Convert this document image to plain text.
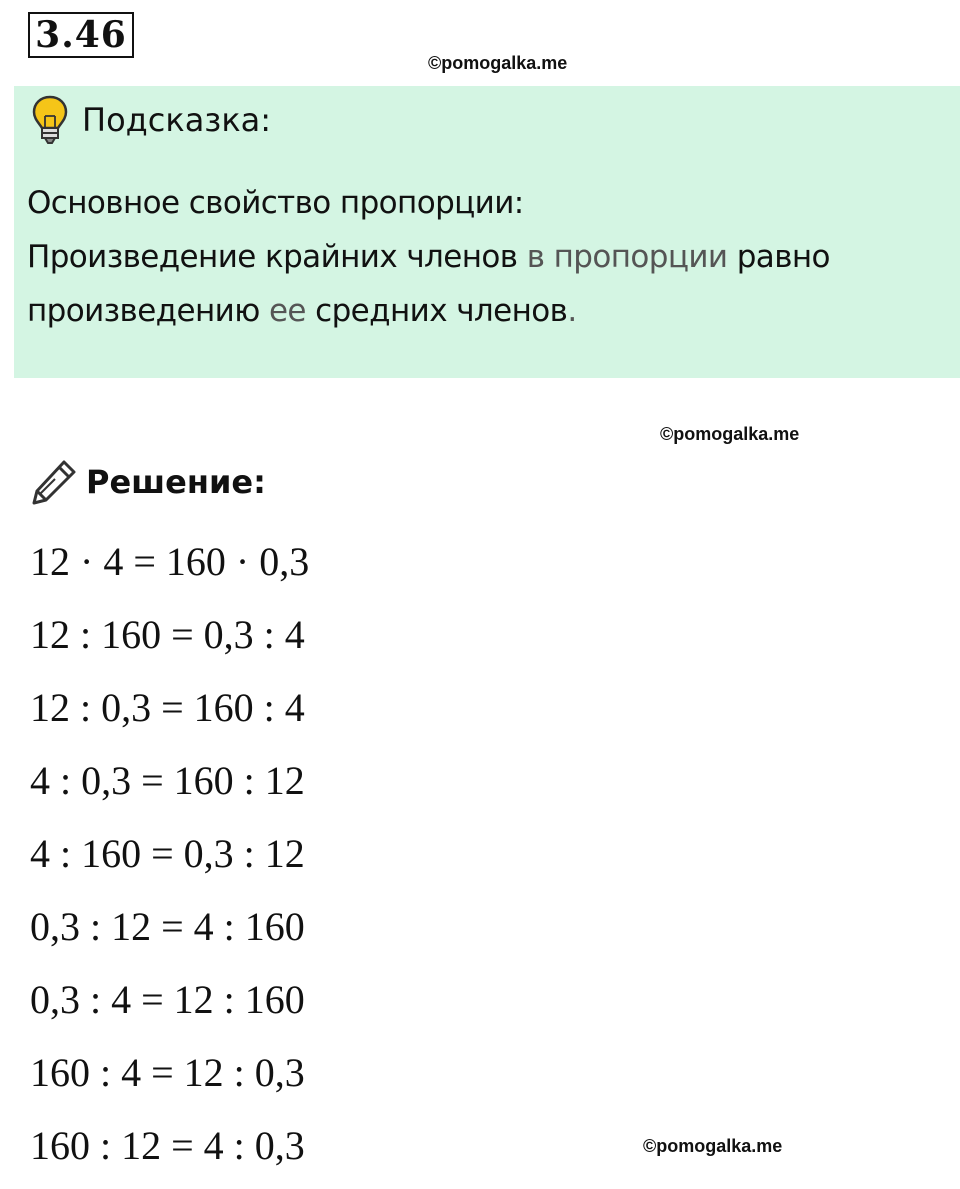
3.46
©pomogalka.me
Подсказка:
Основное свойство пропорции:
Произведение крайних членов в пропорции равно произведению ее средних членов.
©pomogalka.me
Решение:
12 · 4 = 160 · 0,3
12 : 160 = 0,3 : 4
12 : 0,3 = 160 : 4
4 : 0,3 = 160 : 12
4 : 160 = 0,3 : 12
0,3 : 12 = 4 : 160
0,3 : 4 = 12 : 160
160 : 4 = 12 : 0,3
160 : 12 = 4 : 0,3	©pomogalka.me
